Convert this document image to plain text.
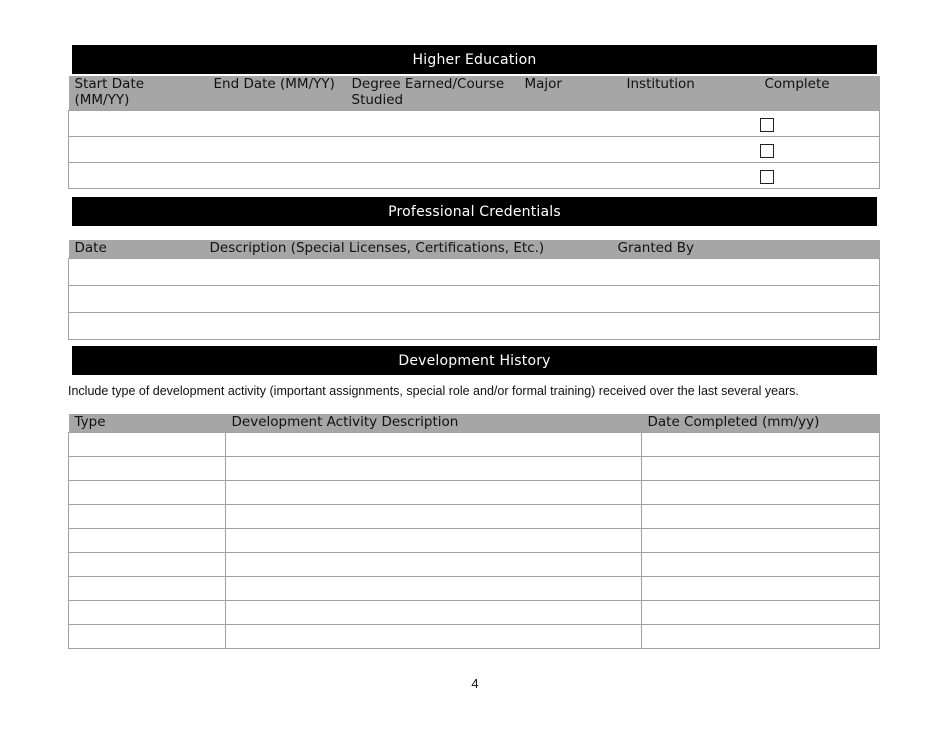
Higher Education
Start Date (MM/YY)	End Date (MM/YY)	Degree Earned/Course Studied	Major	Institution	Complete

Professional Credentials
Date	Description (Special Licenses, Certifications, Etc.)	Granted By

Development History
Include type of development activity (important assignments, special role and/or formal training) received over the last several years.
Type	Development Activity Description	Date Completed (mm/yy)

4
